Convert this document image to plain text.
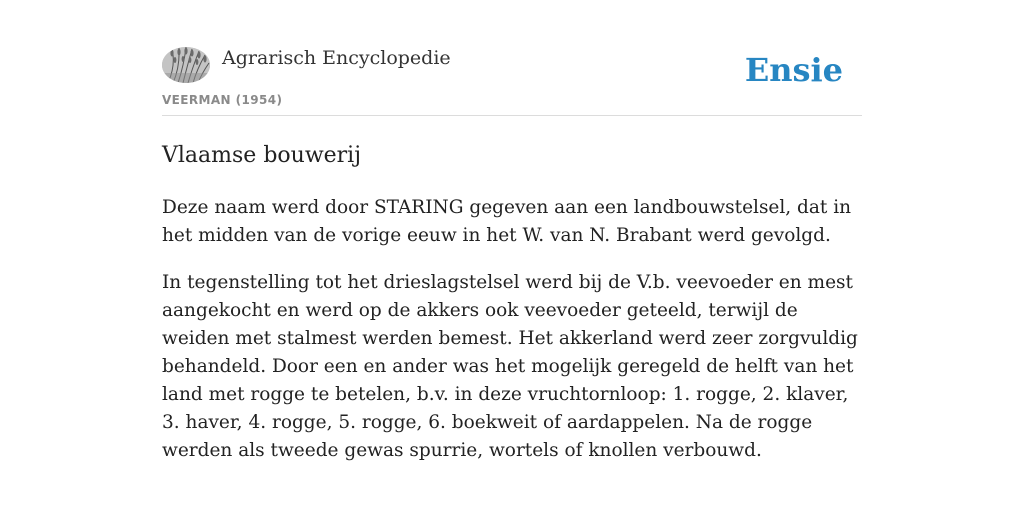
Agrarisch Encyclopedie
VEERMAN (1954)
Ensie
Vlaamse bouwerij

Deze naam werd door STARING gegeven aan een landbouwstelsel, dat in het midden van de vorige eeuw in het W. van N. Brabant werd gevolgd.

In tegenstelling tot het drieslagstelsel werd bij de V.b. veevoeder en mest aangekocht en werd op de akkers ook veevoeder geteeld, terwijl de weiden met stalmest werden bemest. Het akkerland werd zeer zorgvuldig behandeld. Door een en ander was het mogelijk geregeld de helft van het land met rogge te betelen, b.v. in deze vruchtornloop: 1. rogge, 2. klaver, 3. haver, 4. rogge, 5. rogge, 6. boekweit of aardappelen. Na de rogge werden als tweede gewas spurrie, wortels of knollen verbouwd.
